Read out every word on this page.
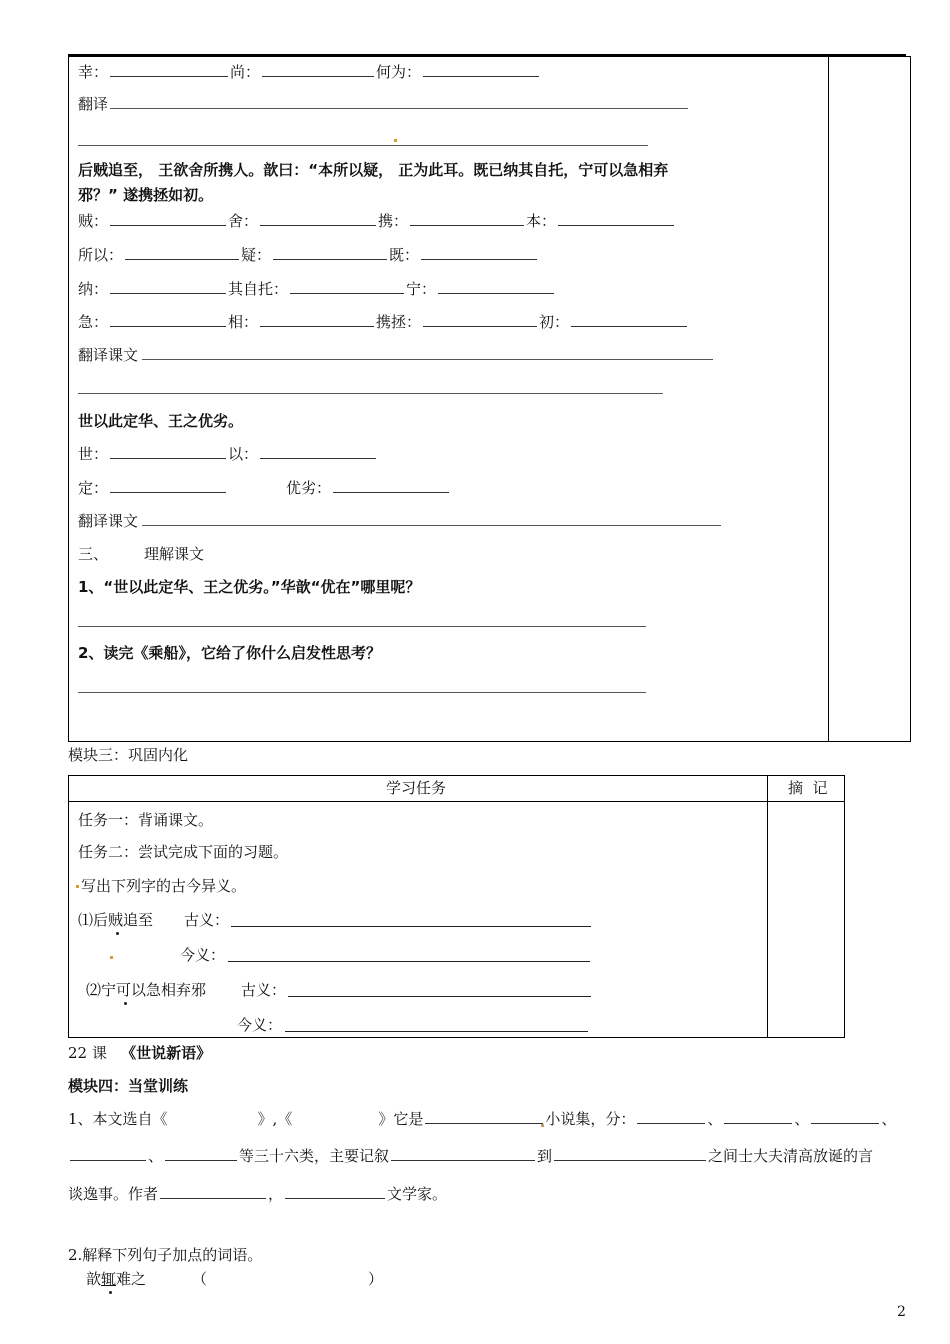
幸：	尚：	何为：
翻译
后贼追至， 王欲舍所携人。歆曰：“本所以疑， 正为此耳。既已纳其自托，宁可以急相弃
邪？” 遂携拯如初。
贼：	舍：	携：	本：
所以：	疑：	既：
纳：	其自托：	宁：
急：	相：	携拯：	初：
翻译课文
世以此定华、王之优劣。
世：	以：
定：	优劣：
翻译课文
三、 理解课文
1、“世以此定华、王之优劣。”华歆“优在”哪里呢？
2、读完《乘船》，它给了你什么启发性思考？
模块三：巩固内化
学习任务	摘  记
任务一：背诵课文。
任务二：尝试完成下面的习题。
写出下列字的古今异义。
⑴后贼追至 古义：
今义：
⑵宁可以急相弃邪 古义：
今义：
22 课 《世说新语》
模块四：当堂训练
1、本文选自《	》,《	》它是	小说集，分：	、	、	、
、	等三十六类，主要记叙	到	之间士大夫清高放诞的言
谈逸事。作者	，	文学家。
2.解释下列句子加点的词语。
歆辄难之	（	）
2
